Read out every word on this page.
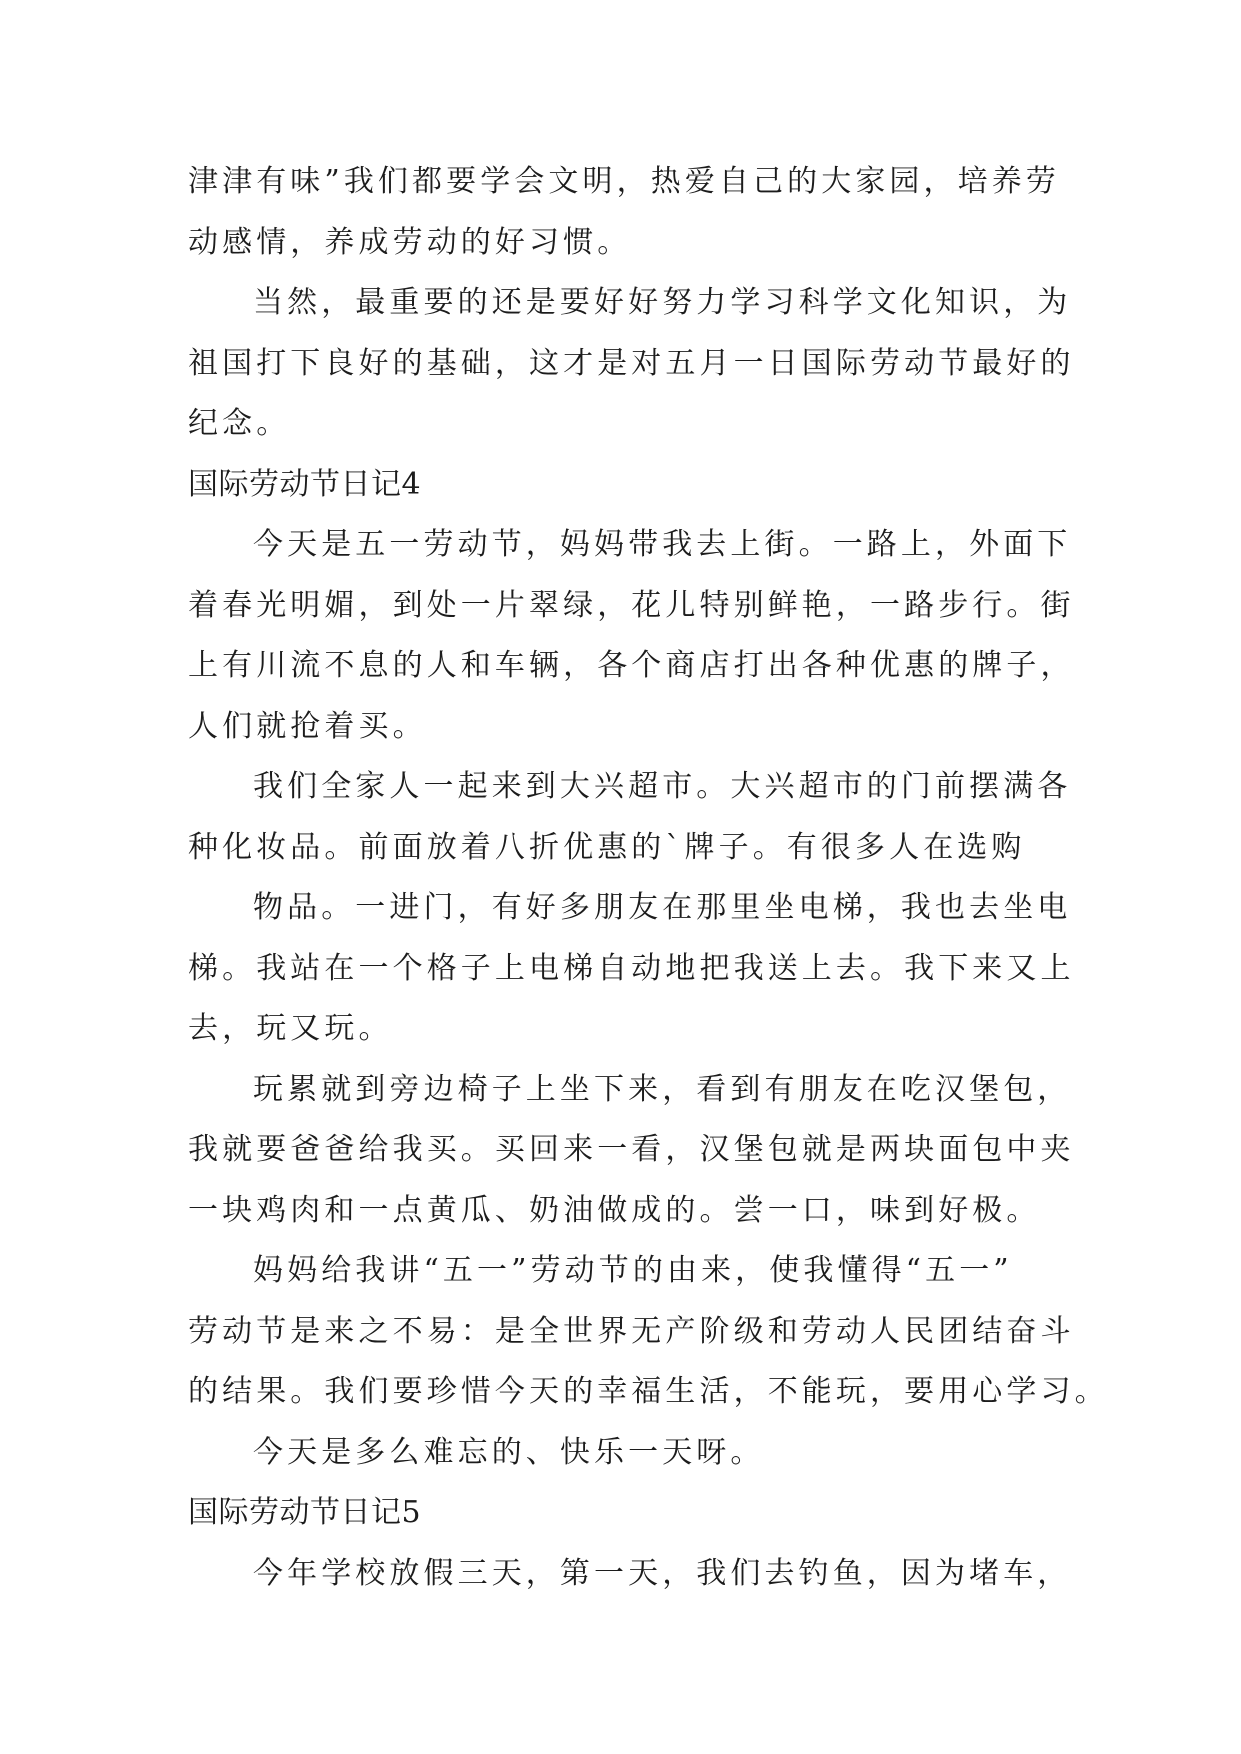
津津有味”我们都要学会文明，热爱自己的大家园，培养劳
动感情，养成劳动的好习惯。
当然，最重要的还是要好好努力学习科学文化知识，为
祖国打下良好的基础，这才是对五月一日国际劳动节最好的
纪念。
国际劳动节日记4
今天是五一劳动节，妈妈带我去上街。一路上，外面下
着春光明媚，到处一片翠绿，花儿特别鲜艳，一路步行。街
上有川流不息的人和车辆，各个商店打出各种优惠的牌子，
人们就抢着买。
我们全家人一起来到大兴超市。大兴超市的门前摆满各
种化妆品。前面放着八折优惠的`牌子。有很多人在选购
物品。一进门，有好多朋友在那里坐电梯，我也去坐电
梯。我站在一个格子上电梯自动地把我送上去。我下来又上
去，玩又玩。
玩累就到旁边椅子上坐下来，看到有朋友在吃汉堡包，
我就要爸爸给我买。买回来一看，汉堡包就是两块面包中夹
一块鸡肉和一点黄瓜、奶油做成的。尝一口，味到好极。
妈妈给我讲“五一”劳动节的由来，使我懂得“五一”
劳动节是来之不易：是全世界无产阶级和劳动人民团结奋斗
的结果。我们要珍惜今天的幸福生活，不能玩，要用心学习。
今天是多么难忘的、快乐一天呀。
国际劳动节日记5
今年学校放假三天，第一天，我们去钓鱼，因为堵车，
